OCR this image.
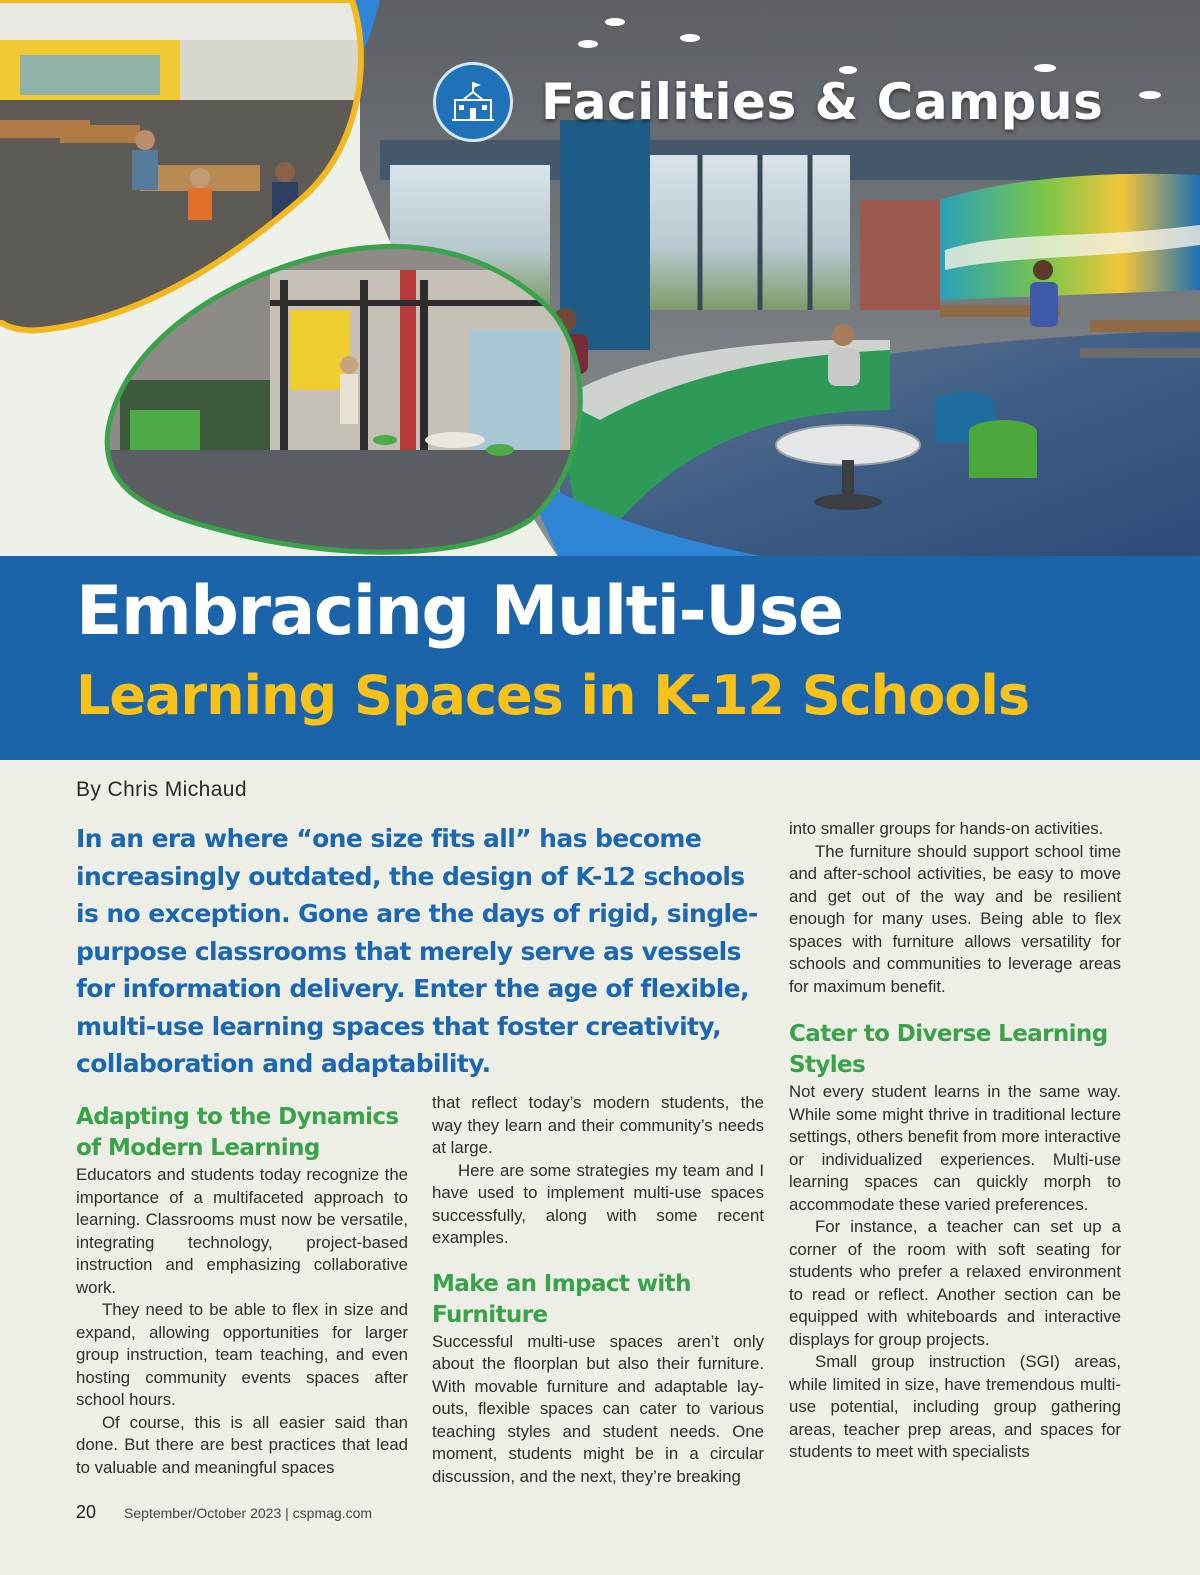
Facilities & Campus
Embracing Multi-Use
Learning Spaces in K-12 Schools
By Chris Michaud

In an era where “one size fits all” has become increasingly outdated, the design of K-12 schools is no exception. Gone are the days of rigid, single-purpose classrooms that merely serve as vessels for information delivery. Enter the age of flexible, multi-use learning spaces that foster creativity, collaboration and adaptability.

Adapting to the Dynamics of Modern Learning

Educators and students today recognize the importance of a multifaceted approach to learning. Classrooms must now be versatile, integrating technology, project-based instruction and emphasizing collaborative work.

They need to be able to flex in size and expand, allowing opportunities for larger group instruction, team teaching, and even hosting community events spaces after school hours.

Of course, this is all easier said than done. But there are best practices that lead to valuable and meaningful spaces

that reflect today’s modern students, the way they learn and their community’s needs at large.

Here are some strategies my team and I have used to implement multi-use spaces successfully, along with some recent examples.

Make an Impact with Furniture

Successful multi-use spaces aren’t only about the floorplan but also their furniture. With movable furniture and adaptable layouts, flexible spaces can cater to various teaching styles and student needs. One moment, students might be in a circular discussion, and the next, they’re breaking

into smaller groups for hands-on activities.

The furniture should support school time and after-school activities, be easy to move and get out of the way and be resilient enough for many uses. Being able to flex spaces with furniture allows versatility for schools and communities to leverage areas for maximum benefit.

Cater to Diverse Learning Styles

Not every student learns in the same way. While some might thrive in traditional lecture settings, others benefit from more interactive or individualized experiences. Multi-use learning spaces can quickly morph to accommodate these varied preferences.

For instance, a teacher can set up a corner of the room with soft seating for students who prefer a relaxed environment to read or reflect. Another section can be equipped with whiteboards and interactive displays for group projects.

Small group instruction (SGI) areas, while limited in size, have tremendous multi-use potential, including group gathering areas, teacher prep areas, and spaces for students to meet with specialists

20 September/October 2023 | cspmag.com
